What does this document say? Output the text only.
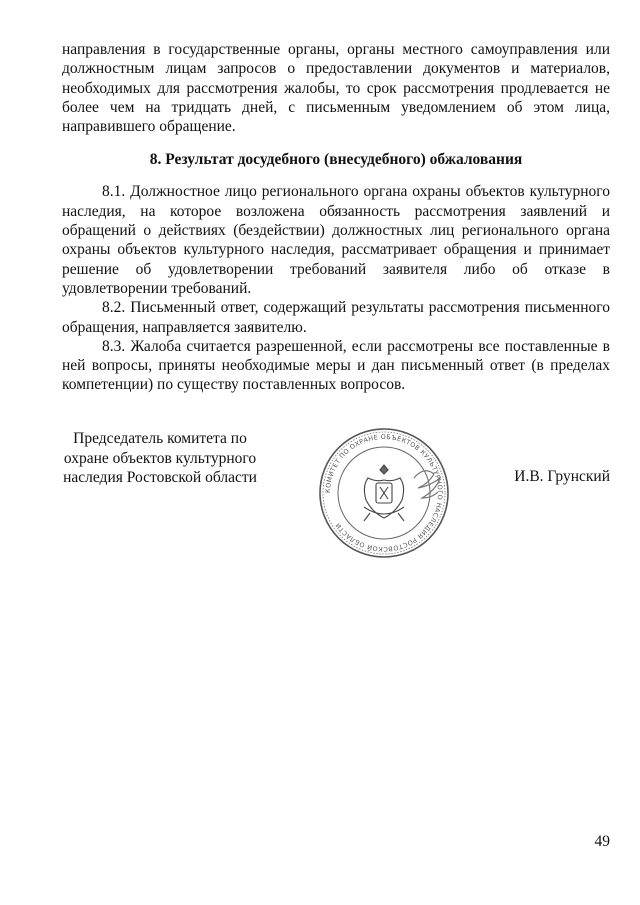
направления в государственные органы, органы местного самоуправления или должностным лицам запросов о предоставлении документов и материалов, необходимых для рассмотрения жалобы, то срок рассмотрения продлевается не более чем на тридцать дней, с письменным уведомлением об этом лица, направившего обращение.

8. Результат досудебного (внесудебного) обжалования

8.1. Должностное лицо регионального органа охраны объектов культурного наследия, на которое возложена обязанность рассмотрения заявлений и обращений о действиях (бездействии) должностных лиц регионального органа охраны объектов культурного наследия, рассматривает обращения и принимает решение об удовлетворении требований заявителя либо об отказе в удовлетворении требований.

8.2. Письменный ответ, содержащий результаты рассмотрения письменного обращения, направляется заявителю.

8.3. Жалоба считается разрешенной, если рассмотрены все поставленные в ней вопросы, приняты необходимые меры и дан письменный ответ (в пределах компетенции) по существу поставленных вопросов.

Председатель комитета по
охране объектов культурного
наследия Ростовской области
КОМИТЕТ ПО ОХРАНЕ ОБЪЕКТОВ КУЛЬТУРНОГО НАСЛЕДИЯ РОСТОВСКОЙ ОБЛАСТИ
И.В. Грунский
49
